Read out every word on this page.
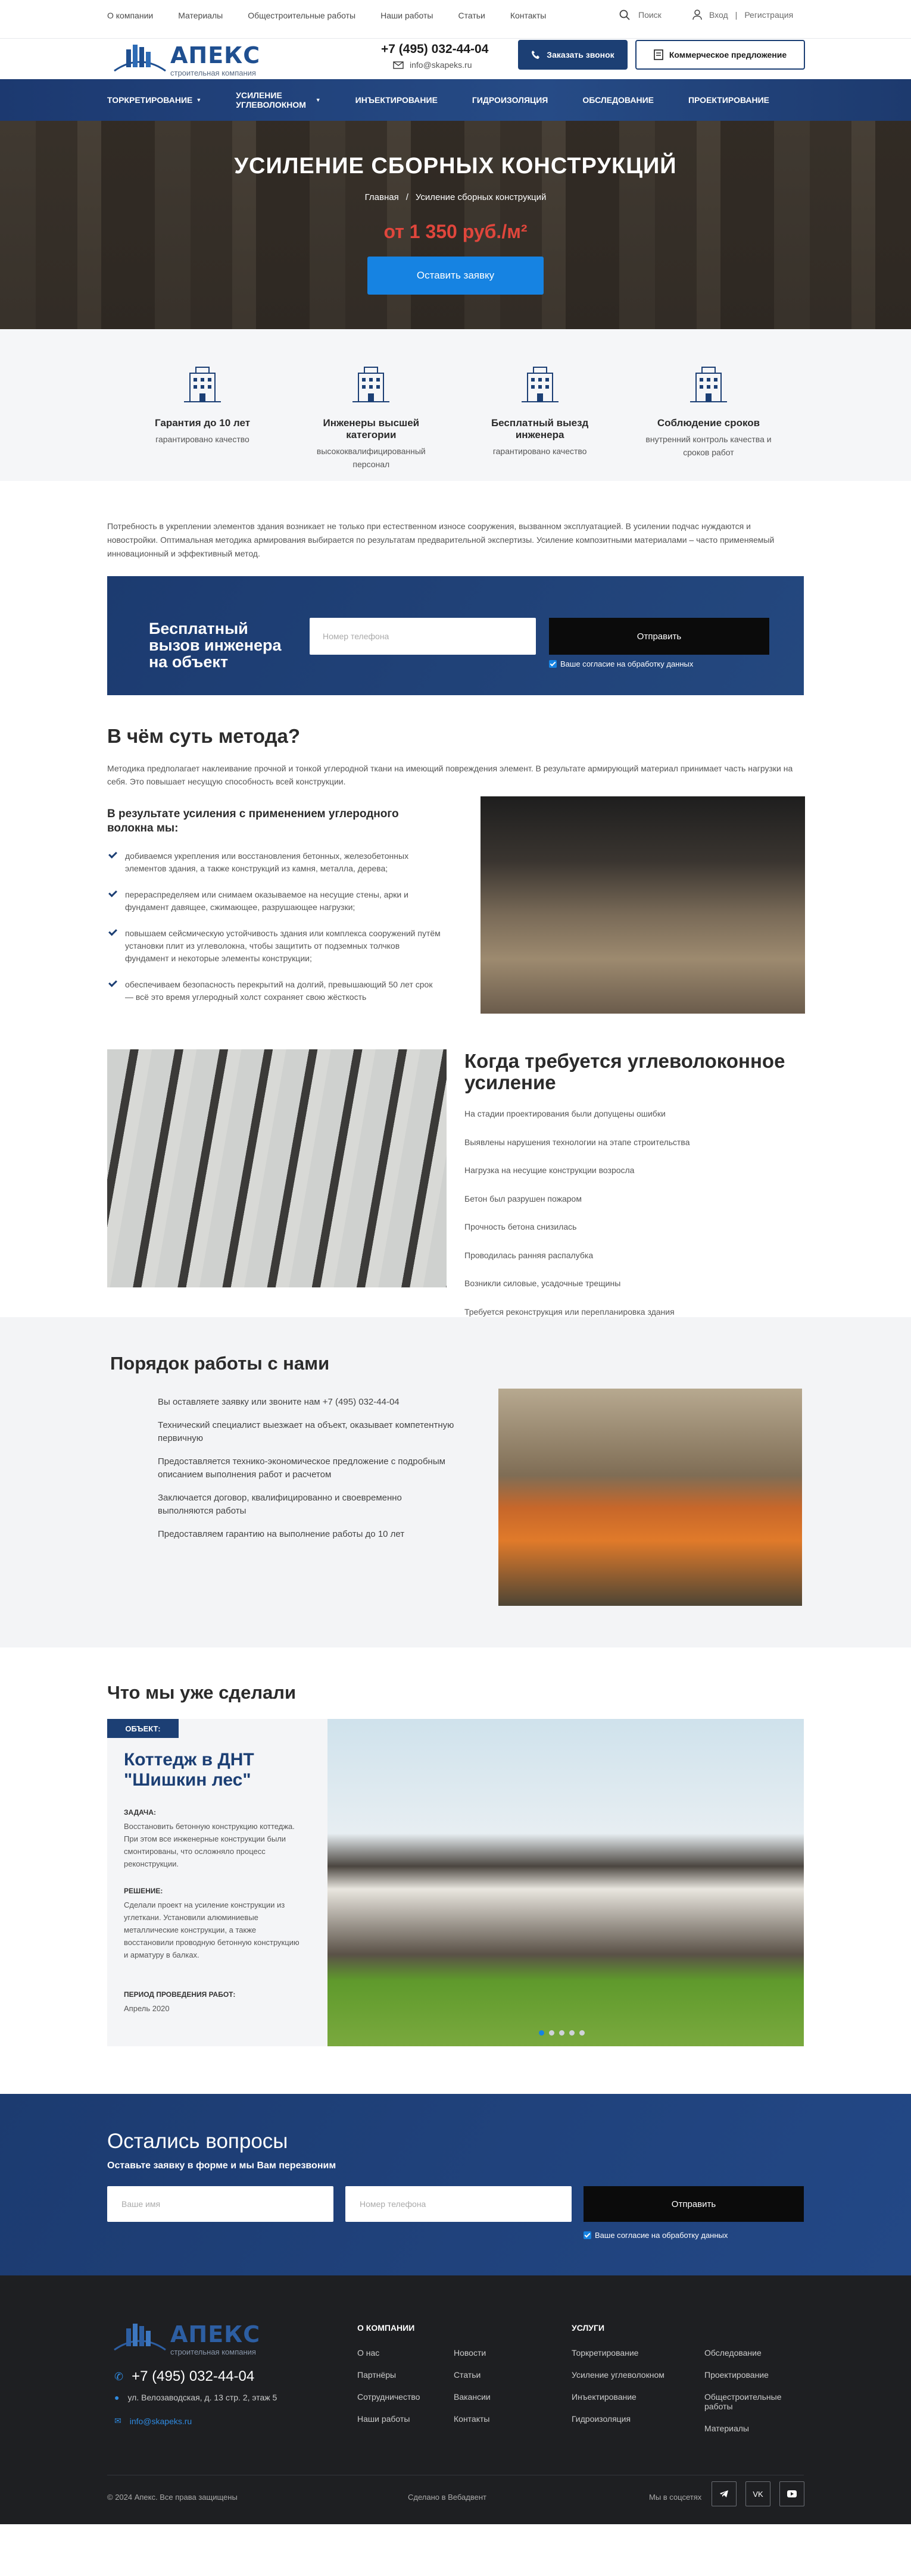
О компании	Материалы	Общестроительные работы	Наши работы	Статьи	Контакты	Поиск	Вход | Регистрация
АПЕКС
строительная компания
+7 (495) 032-44-04
info@skapeks.ru
Заказать звонок	Коммерческое предложение
ТОРКРЕТИРОВАНИЕ ▼	УСИЛЕНИЕ УГЛЕВОЛОКНОМ	▼	ИНЪЕКТИРОВАНИЕ	ГИДРОИЗОЛЯЦИЯ	ОБСЛЕДОВАНИЕ	ПРОЕКТИРОВАНИЕ
УСИЛЕНИЕ СБОРНЫХ КОНСТРУКЦИЙ
Главная / Усиление сборных конструкций
от 1 350 руб./м²
Оставить заявку
Гарантия до 10 лет
гарантировано качество
Инженеры высшей категории
высококвалифицированный персонал
Бесплатный выезд инженера
гарантировано качество
Соблюдение сроков
внутренний контроль качества и сроков работ

Потребность в укреплении элементов здания возникает не только при естественном износе сооружения, вызванном эксплуатацией. В усилении подчас нуждаются и новостройки. Оптимальная методика армирования выбирается по результатам предварительной экспертизы. Усиление композитными материалами – часто применяемый инновационный и эффективный метод.

Бесплатный вызов инженера на объект
Номер телефона	Отправить
Ваше согласие на обработку данных
В чём суть метода?

Методика предполагает наклеивание прочной и тонкой углеродной ткани на имеющий повреждения элемент. В результате армирующий материал принимает часть нагрузки на себя. Это повышает несущую способность всей конструкции.

В результате усиления с применением углеродного волокна мы:
добиваемся укрепления или восстановления бетонных, железобетонных элементов здания, а также конструкций из камня, металла, дерева;
перераспределяем или снимаем оказываемое на несущие стены, арки и фундамент давящее, сжимающее, разрушающее нагрузки;
повышаем сейсмическую устойчивость здания или комплекса сооружений путём установки плит из углеволокна, чтобы защитить от подземных толчков фундамент и некоторые элементы конструкции;
обеспечиваем безопасность перекрытий на долгий, превышающий 50 лет срок — всё это время углеродный холст сохраняет свою жёсткость
Когда требуется углеволоконное усиление
На стадии проектирования были допущены ошибки
Выявлены нарушения технологии на этапе строительства
Нагрузка на несущие конструкции возросла
Бетон был разрушен пожаром
Прочность бетона снизилась
Проводилась ранняя распалубка
Возникли силовые, усадочные трещины
Требуется реконструкция или перепланировка здания
Порядок работы с нами
Вы оставляете заявку или звоните нам +7 (495) 032-44-04
Технический специалист выезжает на объект, оказывает компетентную первичную
Предоставляется технико-экономическое предложение с подробным описанием выполнения работ и расчетом
Заключается договор, квалифицированно и своевременно выполняются работы
Предоставляем гарантию на выполнение работы до 10 лет
Что мы уже сделали
ОБЪЕКТ:
Коттедж в ДНТ "Шишкин лес"
ЗАДАЧА:
Восстановить бетонную конструкцию коттеджа. При этом все инженерные конструкции были смонтированы, что осложняло процесс реконструкции.
РЕШЕНИЕ:
Сделали проект на усиление конструкции из углеткани. Установили алюминиевые металлические конструкции, а также восстановили проводную бетонную конструкцию и арматуру в балках.
ПЕРИОД ПРОВЕДЕНИЯ РАБОТ:
Апрель 2020
Остались вопросы
Оставьте заявку в форме и мы Вам перезвоним
Ваше имя	Номер телефона	Отправить
Ваше согласие на обработку данных
АПЕКС
строительная компания
✆ +7 (495) 032-44-04
● ул. Велозаводская, д. 13 стр. 2, этаж 5
✉ info@skapeks.ru
О КОМПАНИИ
О нас
Партнёры
Сотрудничество
Наши работы
Новости
Статьи
Вакансии
Контакты
УСЛУГИ
Торкретирование
Усиление углеволокном
Инъектирование
Гидроизоляция
Обследование
Проектирование
Общестроительные работы
Материалы
© 2024 Апекс. Все права защищены	Сделано в Вебадвент	Мы в соцсетях	VK
